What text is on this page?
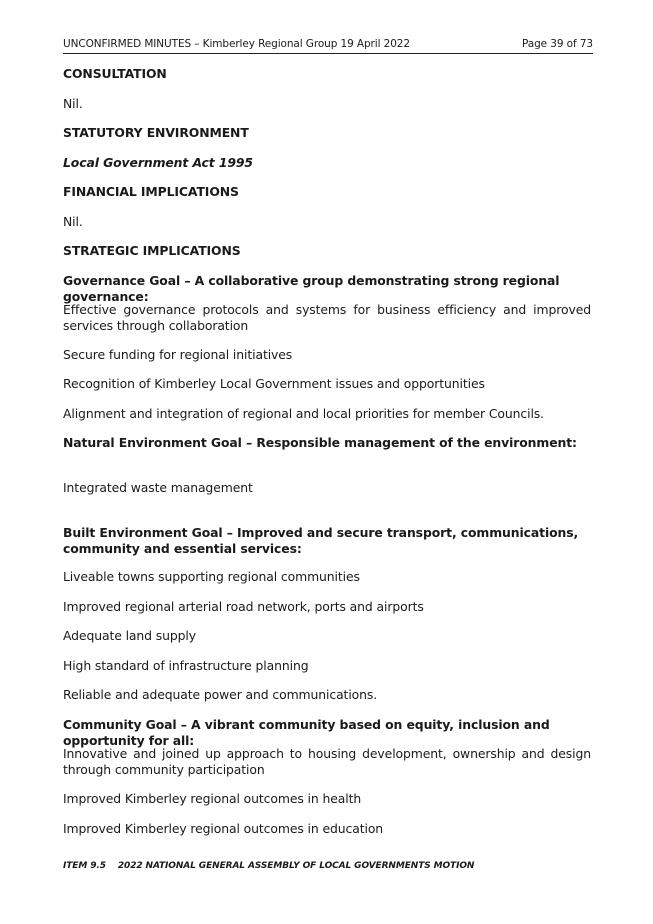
UNCONFIRMED MINUTES – Kimberley Regional Group 19 April 2022	Page 39 of 73
CONSULTATION
Nil.
STATUTORY ENVIRONMENT
Local Government Act 1995
FINANCIAL IMPLICATIONS
Nil.
STRATEGIC IMPLICATIONS
Governance Goal – A collaborative group demonstrating strong regional governance:
Effective governance protocols and systems for business efficiency and improved services through collaboration
Secure funding for regional initiatives
Recognition of Kimberley Local Government issues and opportunities
Alignment and integration of regional and local priorities for member Councils.
Natural Environment Goal – Responsible management of the environment:
Integrated waste management
Built Environment Goal – Improved and secure transport, communications, community and essential services:
Liveable towns supporting regional communities
Improved regional arterial road network, ports and airports
Adequate land supply
High standard of infrastructure planning
Reliable and adequate power and communications.
Community Goal – A vibrant community based on equity, inclusion and opportunity for all:
Innovative and joined up approach to housing development, ownership and design through community participation
Improved Kimberley regional outcomes in health
Improved Kimberley regional outcomes in education
ITEM 9.5 2022 NATIONAL GENERAL ASSEMBLY OF LOCAL GOVERNMENTS MOTION
